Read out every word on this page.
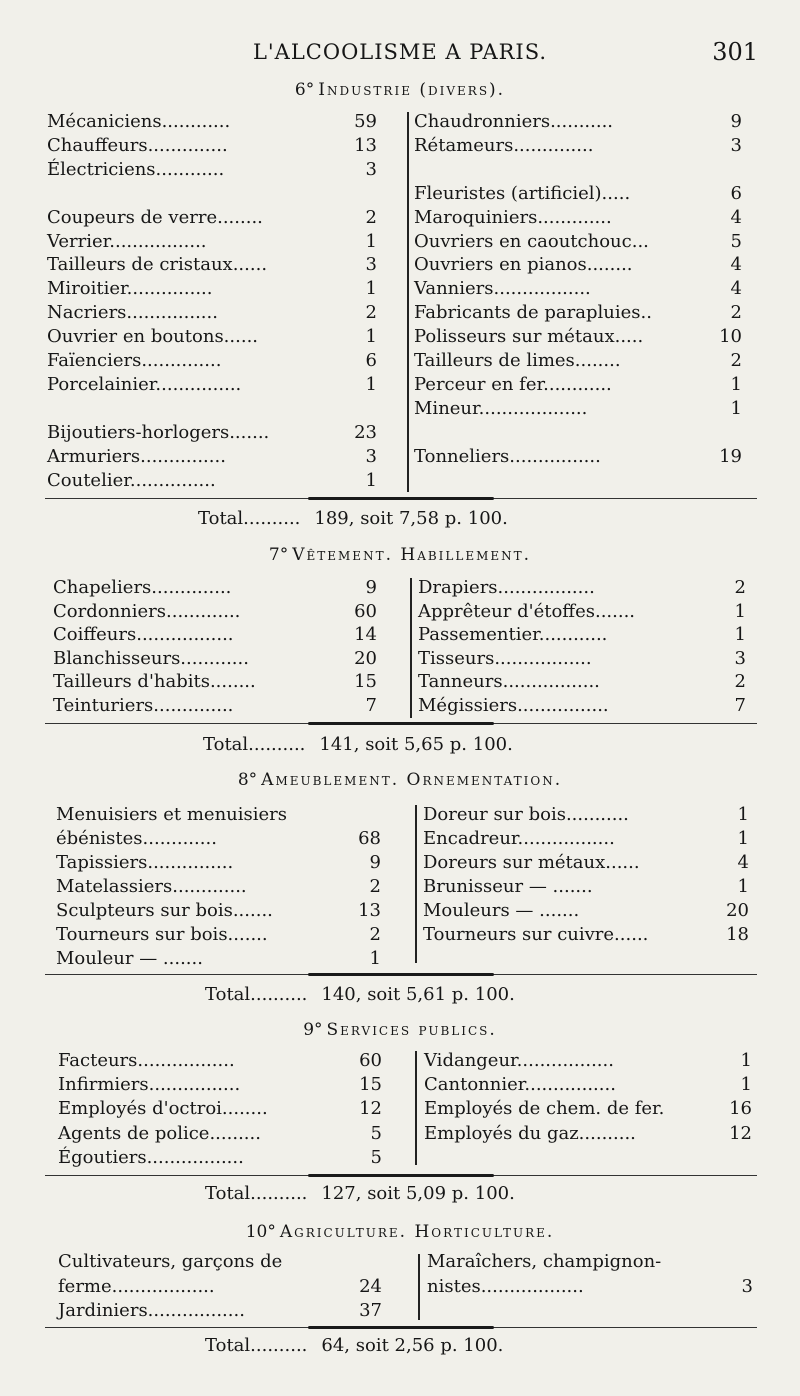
L'ALCOOLISME A PARIS.	301
6° Industrie (divers).
Mécaniciens............	59
Chauffeurs..............	13
Électriciens............	3
Coupeurs de verre........	2
Verrier.................	1
Tailleurs de cristaux......	3
Miroitier...............	1
Nacriers................	2
Ouvrier en boutons......	1
Faïenciers..............	6
Porcelainier...............	1
Bijoutiers-horlogers.......	23
Armuriers...............	3
Coutelier...............	1
Chaudronniers...........	9
Rétameurs..............	3
Fleuristes (artificiel).....	6
Maroquiniers.............	4
Ouvriers en caoutchouc...	5
Ouvriers en pianos........	4
Vanniers.................	4
Fabricants de parapluies..	2
Polisseurs sur métaux.....	10
Tailleurs de limes........	2
Perceur en fer............	1
Mineur...................	1
Tonneliers................	19
Total.......... 189, soit 7,58 p. 100.
7° Vêtement. Habillement.
Chapeliers..............	9
Cordonniers.............	60
Coiffeurs.................	14
Blanchisseurs............	20
Tailleurs d'habits........	15
Teinturiers..............	7
Drapiers.................	2
Apprêteur d'étoffes.......	1
Passementier............	1
Tisseurs.................	3
Tanneurs.................	2
Mégissiers................	7
Total.......... 141, soit 5,65 p. 100.
8° Ameublement. Ornementation.
Menuisiers et menuisiers
ébénistes.............	68
Tapissiers...............	9
Matelassiers.............	2
Sculpteurs sur bois.......	13
Tourneurs sur bois.......	2
Mouleur — .......	1
Doreur sur bois...........	1
Encadreur.................	1
Doreurs sur métaux......	4
Brunisseur — .......	1
Mouleurs — .......	20
Tourneurs sur cuivre......	18
Total.......... 140, soit 5,61 p. 100.
9° Services publics.
Facteurs.................	60
Infirmiers................	15
Employés d'octroi........	12
Agents de police.........	5
Égoutiers.................	5
Vidangeur.................	1
Cantonnier................	1
Employés de chem. de fer.	16
Employés du gaz..........	12
Total.......... 127, soit 5,09 p. 100.
10° Agriculture. Horticulture.
Cultivateurs, garçons de
ferme..................	24
Jardiniers.................	37
Maraîchers, champignon-
nistes..................	3
Total.......... 64, soit 2,56 p. 100.
